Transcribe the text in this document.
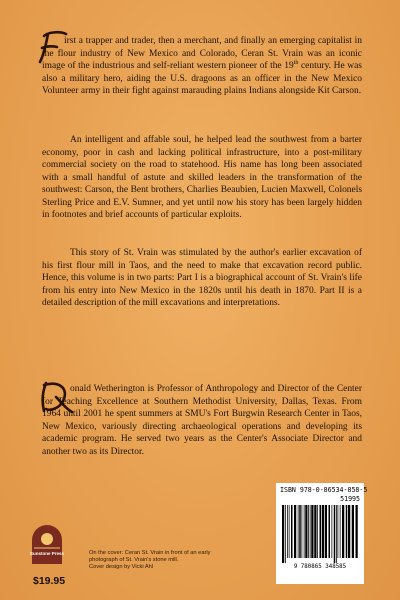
irst a trapper and trader, then a merchant, and finally an emerging capitalist in the flour industry of New Mexico and Colorado, Ceran St. Vrain was an iconic image of the industrious and self-reliant western pioneer of the 19th century. He was also a military hero, aiding the U.S. dragoons as an officer in the New Mexico Volunteer army in their fight against marauding plains Indians alongside Kit Carson.

An intelligent and affable soul, he helped lead the southwest from a barter economy, poor in cash and lacking political infrastructure, into a post-military commercial society on the road to statehood. His name has long been associated with a small handful of astute and skilled leaders in the transformation of the southwest: Carson, the Bent brothers, Charlies Beaubien, Lucien Maxwell, Colonels Sterling Price and E.V. Sumner, and yet until now his story has been largely hidden in footnotes and brief accounts of particular exploits.

This story of St. Vrain was stimulated by the author's earlier excavation of his first flour mill in Taos, and the need to make that excavation record public. Hence, this volume is in two parts: Part I is a biographical account of St. Vrain's life from his entry into New Mexico in the 1820s until his death in 1870. Part II is a detailed description of the mill excavations and interpretations.

onald Wetherington is Professor of Anthropology and Director of the Center for Teaching Excellence at Southern Methodist University, Dallas, Texas. From 1964 until 2001 he spent summers at SMU's Fort Burgwin Research Center in Taos, New Mexico, variously directing archaeological operations and developing its academic program. He served two years as the Center's Associate Director and another two as its Director.

Sunstone Press
$19.95
On the cover: Ceran St. Vrain in front of an early
photograph of St. Vrain's stone mill.
Cover design by Vicki Ahl
ISBN 978-0-86534-858-5
51995
9 780865 348585
